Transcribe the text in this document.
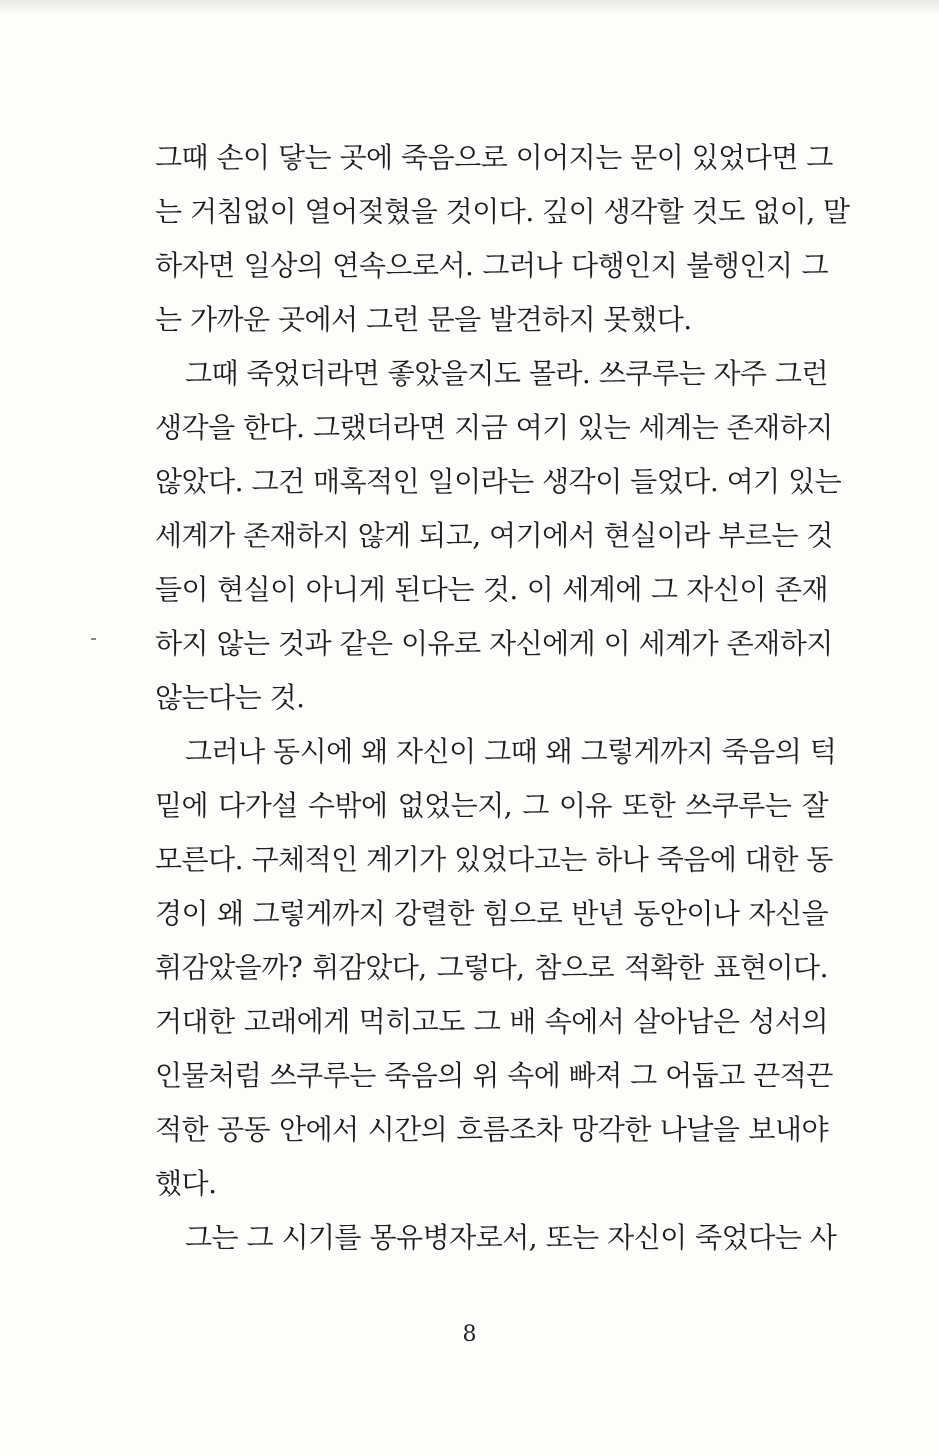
그때 손이 닿는 곳에 죽음으로 이어지는 문이 있었다면 그
는 거침없이 열어젖혔을 것이다. 깊이 생각할 것도 없이, 말
하자면 일상의 연속으로서. 그러나 다행인지 불행인지 그
는 가까운 곳에서 그런 문을 발견하지 못했다.
그때 죽었더라면 좋았을지도 몰라. 쓰쿠루는 자주 그런
생각을 한다. 그랬더라면 지금 여기 있는 세계는 존재하지
않았다. 그건 매혹적인 일이라는 생각이 들었다. 여기 있는
세계가 존재하지 않게 되고, 여기에서 현실이라 부르는 것
들이 현실이 아니게 된다는 것. 이 세계에 그 자신이 존재
하지 않는 것과 같은 이유로 자신에게 이 세계가 존재하지
않는다는 것.
그러나 동시에 왜 자신이 그때 왜 그렇게까지 죽음의 턱
밑에 다가설 수밖에 없었는지, 그 이유 또한 쓰쿠루는 잘
모른다. 구체적인 계기가 있었다고는 하나 죽음에 대한 동
경이 왜 그렇게까지 강렬한 힘으로 반년 동안이나 자신을
휘감았을까? 휘감았다, 그렇다, 참으로 적확한 표현이다.
거대한 고래에게 먹히고도 그 배 속에서 살아남은 성서의
인물처럼 쓰쿠루는 죽음의 위 속에 빠져 그 어둡고 끈적끈
적한 공동 안에서 시간의 흐름조차 망각한 나날을 보내야
했다.
그는 그 시기를 몽유병자로서, 또는 자신이 죽었다는 사
8
